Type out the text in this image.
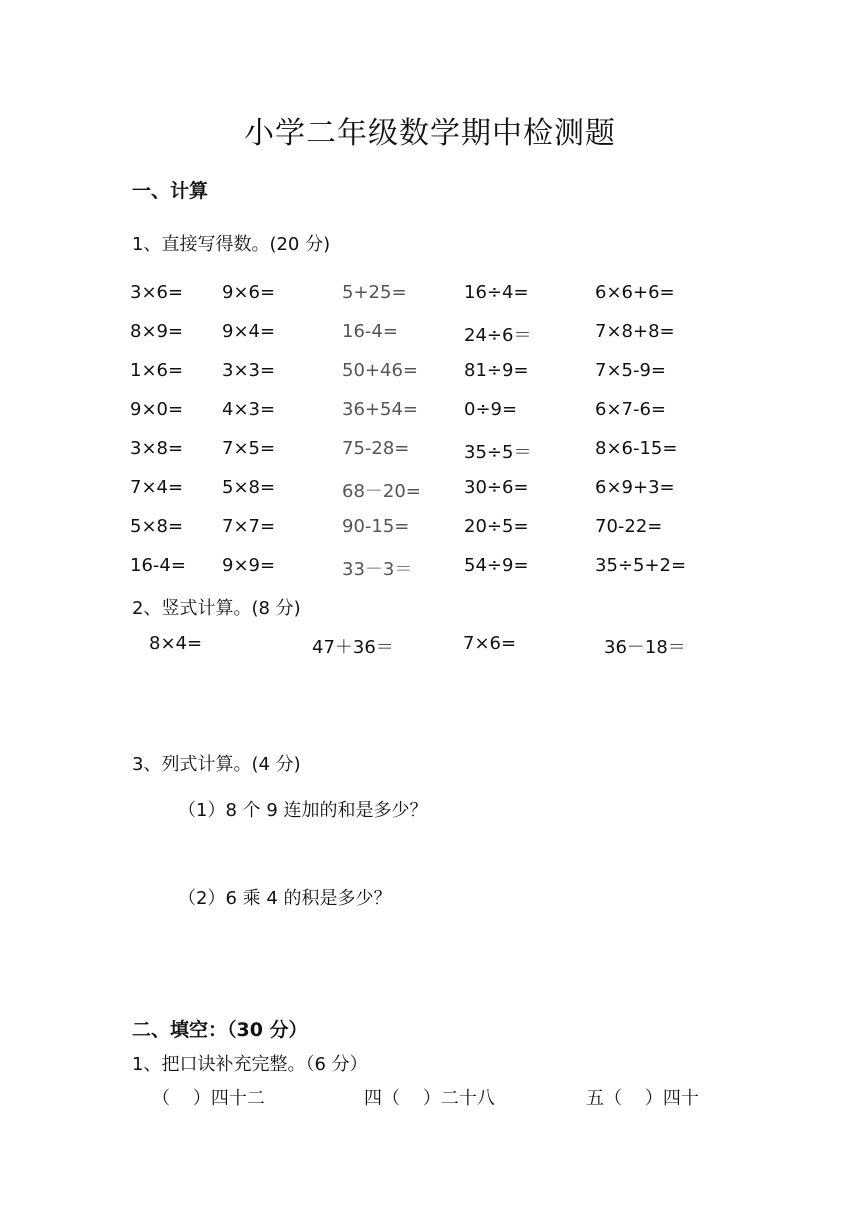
小学二年级数学期中检测题
一、计算
1、直接写得数。(20 分)
3×6= 9×6=	5+25=	16÷4=	6×6+6=
8×9= 9×4=	16-4=	24÷6＝	7×8+8=
1×6= 3×3=	50+46=	81÷9=	7×5-9=
9×0= 4×3=	36+54=	0÷9=	6×7-6=
3×8= 7×5=	75-28=	35÷5＝	8×6-15=
7×4= 5×8=	68－20= 30÷6=	6×9+3=
5×8= 7×7=	90-15=	20÷5=	70-22=
16-4= 9×9=	33－3＝	54÷9=	35÷5+2=
2、竖式计算。(8 分)
8×4=	47＋36＝	7×6=	36－18＝
3、列式计算。(4 分)
（1）8 个 9 连加的和是多少？
（2）6 乘 4 的积是多少？
二、填空：（30 分）
1、把口诀补充完整。（6 分）
（    ）四十二	四（    ）二十八	五（    ）四十
